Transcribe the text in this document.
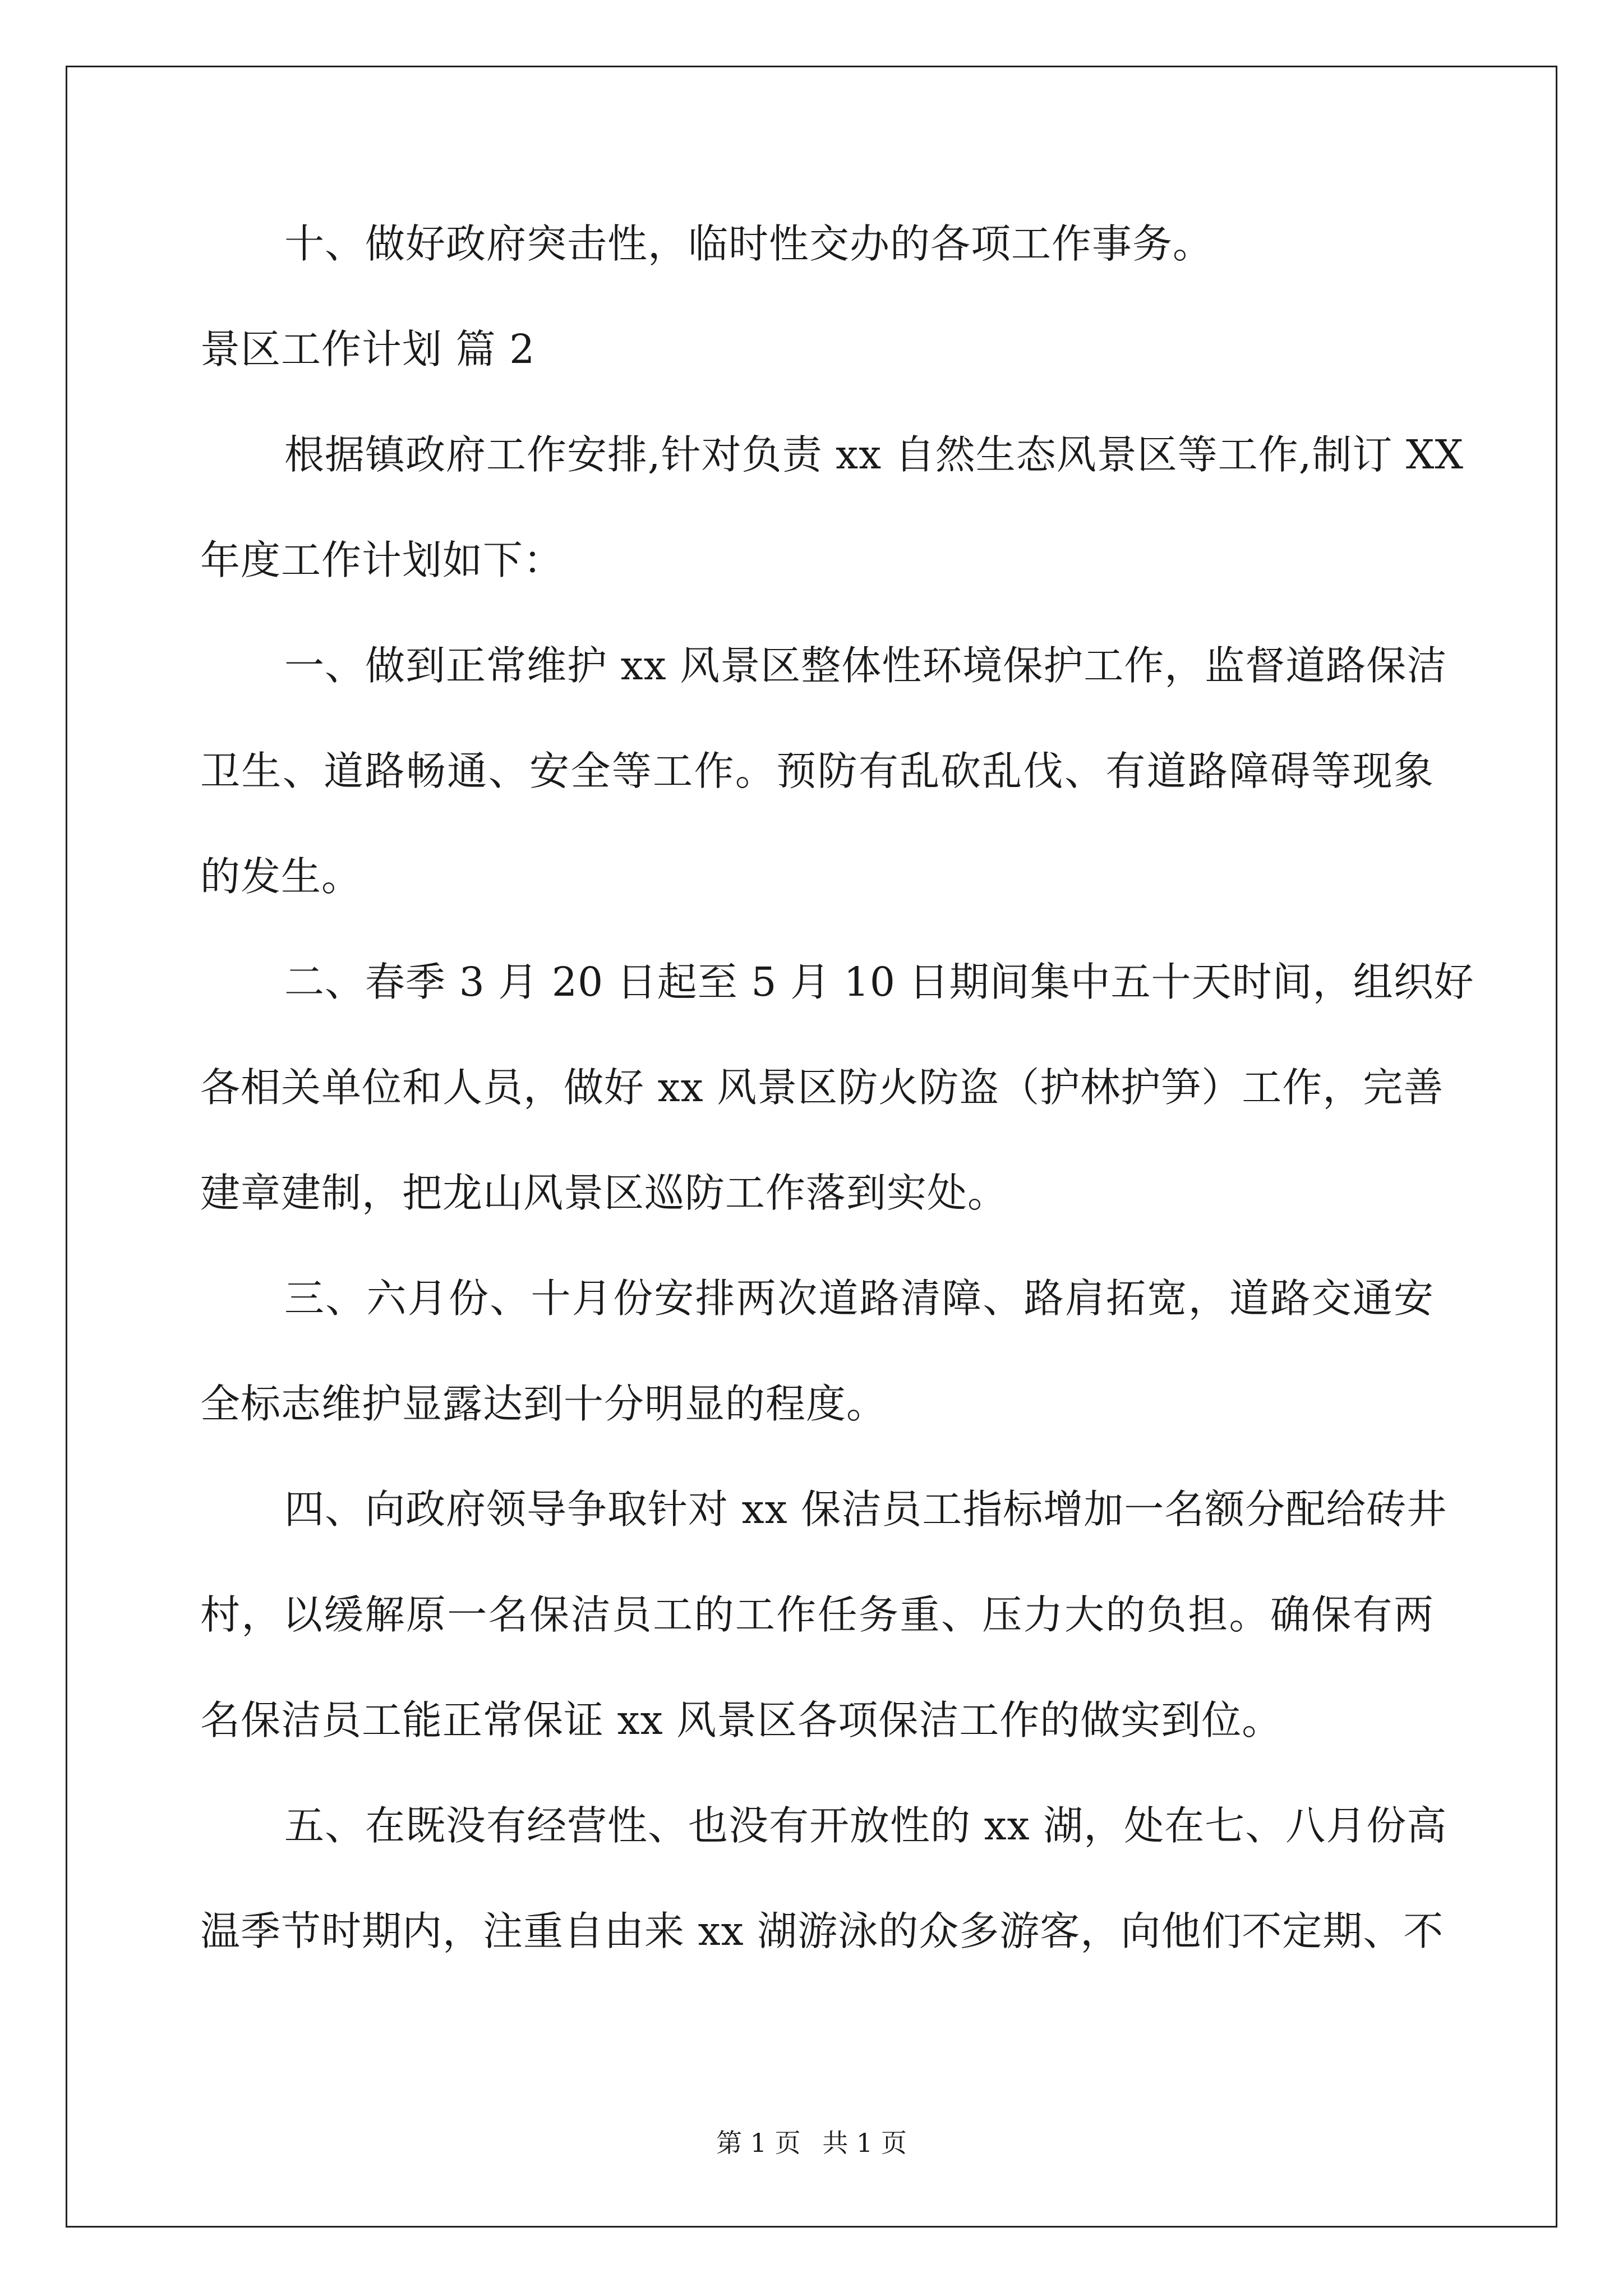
十、做好政府突击性，临时性交办的各项工作事务。
景区工作计划 篇 2
根据镇政府工作安排,针对负责 xx 自然生态风景区等工作,制订 XX
年度工作计划如下：
一、做到正常维护 xx 风景区整体性环境保护工作，监督道路保洁
卫生、道路畅通、安全等工作。预防有乱砍乱伐、有道路障碍等现象
的发生。
二、春季 3 月 20 日起至 5 月 10 日期间集中五十天时间，组织好
各相关单位和人员，做好 xx 风景区防火防盗（护林护笋）工作，完善
建章建制，把龙山风景区巡防工作落到实处。
三、六月份、十月份安排两次道路清障、路肩拓宽，道路交通安
全标志维护显露达到十分明显的程度。
四、向政府领导争取针对 xx 保洁员工指标增加一名额分配给砖井
村，以缓解原一名保洁员工的工作任务重、压力大的负担。确保有两
名保洁员工能正常保证 xx 风景区各项保洁工作的做实到位。
五、在既没有经营性、也没有开放性的 xx 湖，处在七、八月份高
温季节时期内，注重自由来 xx 湖游泳的众多游客，向他们不定期、不
第 1 页 共 1 页
